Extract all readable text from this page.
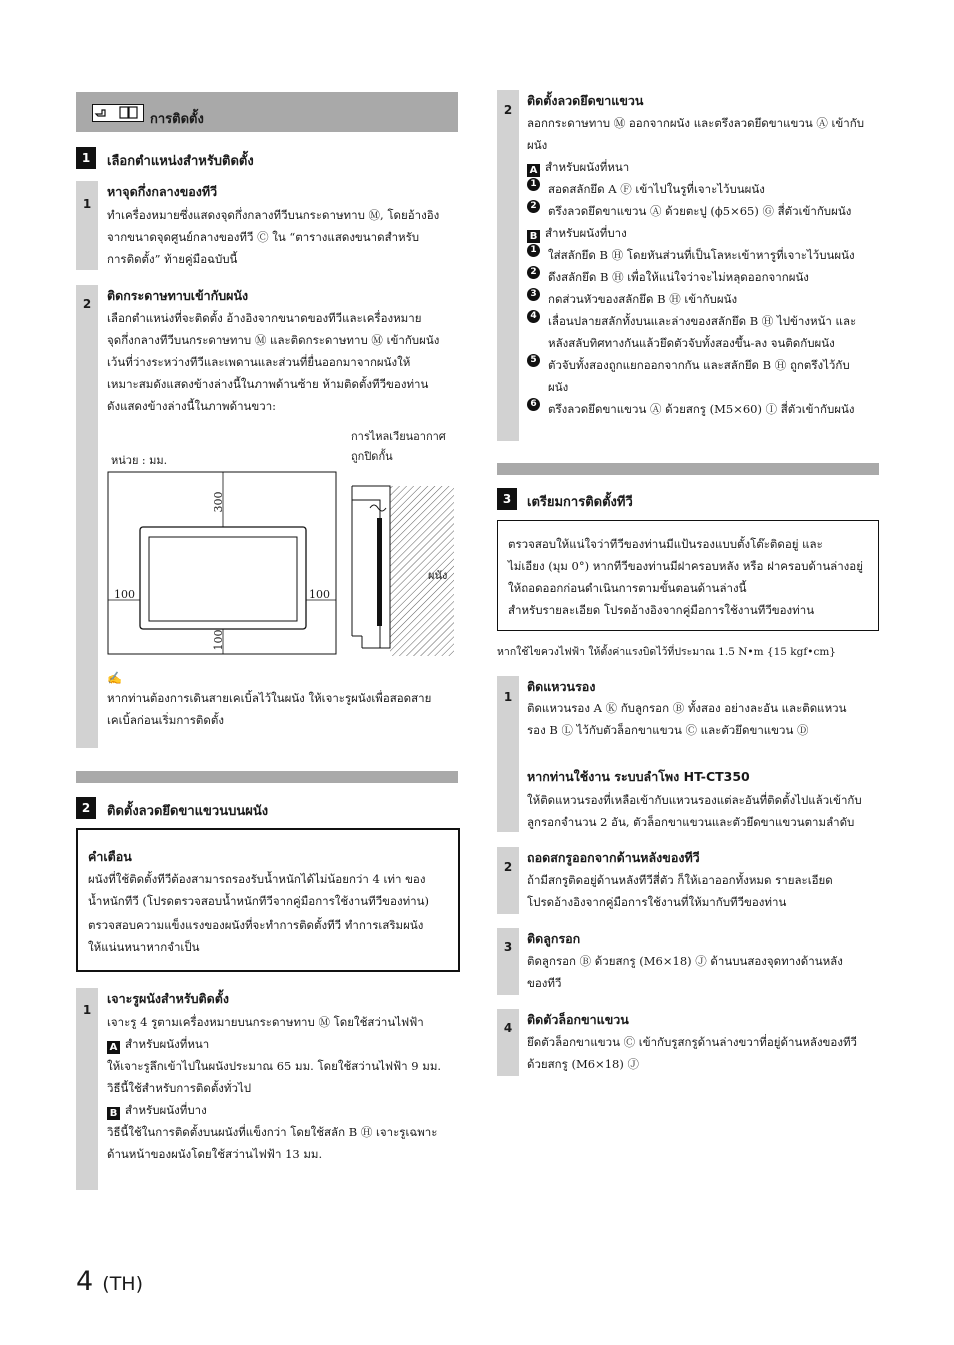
การติดตั้ง
1	เลือกตำแหน่งสำหรับติดตั้ง
1
หาจุดกึ่งกลางของทีวี
ทำเครื่องหมายซึ่งแสดงจุดกึ่งกลางทีวีบนกระดาษทาบ Ⓜ, โดยอ้างอิง
จากขนาดจุดศูนย์กลางของทีวี Ⓒ ใน “ตารางแสดงขนาดสำหรับ
การติดตั้ง” ท้ายคู่มือฉบับนี้
2
ติดกระดาษทาบเข้ากับผนัง
เลือกตำแหน่งที่จะติดตั้ง อ้างอิงจากขนาดของทีวีและเครื่องหมาย
จุดกึ่งกลางทีวีบนกระดาษทาบ Ⓜ และติดกระดาษทาบ Ⓜ เข้ากับผนัง
เว้นที่ว่างระหว่างทีวีและเพดานและส่วนที่ยื่นออกมาจากผนังให้
เหมาะสมดังแสดงข้างล่างนี้ในภาพด้านซ้าย ห้ามติดตั้งทีวีของท่าน
ดังแสดงข้างล่างนี้ในภาพด้านขวา:
หน่วย : มม.
การไหลเวียนอากาศ
ถูกปิดกั้น
300
100	100
100
ผนัง
✍
หากท่านต้องการเดินสายเคเบิ้ลไว้ในผนัง ให้เจาะรูผนังเพื่อสอดสาย
เคเบิ้ลก่อนเริ่มการติดตั้ง
2	ติดตั้งลวดยึดขาแขวนบนผนัง
คำเตือน
ผนังที่ใช้ติดตั้งทีวีต้องสามารถรองรับน้ำหนักได้ไม่น้อยกว่า 4 เท่า ของ
น้ำหนักทีวี (โปรดตรวจสอบน้ำหนักทีวีจากคู่มือการใช้งานทีวีของท่าน)
ตรวจสอบความแข็งแรงของผนังที่จะทำการติดตั้งทีวี ทำการเสริมผนัง
ให้แน่นหนาหากจำเป็น
1
เจาะรูผนังสำหรับติดตั้ง
เจาะรู 4 รูตามเครื่องหมายบนกระดาษทาบ Ⓜ โดยใช้สว่านไฟฟ้า
A สำหรับผนังที่หนา
ให้เจาะรูลึกเข้าไปในผนังประมาณ 65 มม. โดยใช้สว่านไฟฟ้า 9 มม.
วิธีนี้ใช้สำหรับการติดตั้งทั่วไป
B สำหรับผนังที่บาง
วิธีนี้ใช้ในการติดตั้งบนผนังที่แข็งกว่า โดยใช้สลัก B Ⓗ เจาะรูเฉพาะ
ด้านหน้าของผนังโดยใช้สว่านไฟฟ้า 13 มม.
2
ติดตั้งลวดยึดขาแขวน
ลอกกระดาษทาบ Ⓜ ออกจากผนัง และตรึงลวดยึดขาแขวน Ⓐ เข้ากับ
ผนัง
A สำหรับผนังที่หนา
1 สอดสลักยึด A Ⓕ เข้าไปในรูที่เจาะไว้บนผนัง
2 ตรึงลวดยึดขาแขวน Ⓐ ด้วยตะปู (ϕ5×65) Ⓖ สี่ตัวเข้ากับผนัง
B สำหรับผนังที่บาง
1 ใส่สลักยึด B Ⓗ โดยหันส่วนที่เป็นโลหะเข้าหารูที่เจาะไว้บนผนัง
2 ดึงสลักยึด B Ⓗ เพื่อให้แน่ใจว่าจะไม่หลุดออกจากผนัง
3 กดส่วนหัวของสลักยึด B Ⓗ เข้ากับผนัง
4 เลื่อนปลายสลักทั้งบนและล่างของสลักยึด B Ⓗ ไปข้างหน้า และ
หลังสลับทิศทางกันแล้วยึดตัวจับทั้งสองขึ้น-ลง จนติดกับผนัง
5 ตัวจับทั้งสองถูกแยกออกจากกัน และสลักยึด B Ⓗ ถูกตรึงไว้กับ
ผนัง
6 ตรึงลวดยึดขาแขวน Ⓐ ด้วยสกรู (M5×60) Ⓘ สี่ตัวเข้ากับผนัง
3	เตรียมการติดตั้งทีวี
ตรวจสอบให้แน่ใจว่าทีวีของท่านมีแป้นรองแบบตั้งโต๊ะติดอยู่ และ
ไม่เอียง (มุม 0°) หากทีวีของท่านมีฝาครอบหลัง หรือ ฝาครอบด้านล่างอยู่
ให้ถอดออกก่อนดำเนินการตามขั้นตอนด้านล่างนี้
สำหรับรายละเอียด โปรดอ้างอิงจากคู่มือการใช้งานทีวีของท่าน
หากใช้ไขควงไฟฟ้า ให้ตั้งค่าแรงบิดไว้ที่ประมาณ 1.5 N•m {15 kgf•cm}
1
ติดแหวนรอง
ติดแหวนรอง A Ⓚ กับลูกรอก Ⓑ ทั้งสอง อย่างละอัน และติดแหวน
รอง B Ⓛ ไว้กับตัวล็อกขาแขวน Ⓒ และตัวยึดขาแขวน Ⓓ
หากท่านใช้งาน ระบบลำโพง HT-CT350
ให้ติดแหวนรองที่เหลือเข้ากับแหวนรองแต่ละอันที่ติดตั้งไปแล้วเข้ากับ
ลูกรอกจำนวน 2 อัน, ตัวล็อกขาแขวนและตัวยึดขาแขวนตามลำดับ
2
ถอดสกรูออกจากด้านหลังของทีวี
ถ้ามีสกรูติดอยู่ด้านหลังทีวีสี่ตัว ก็ให้เอาออกทั้งหมด รายละเอียด
โปรดอ้างอิงจากคู่มือการใช้งานที่ให้มากับทีวีของท่าน
3
ติดลูกรอก
ติดลูกรอก Ⓑ ด้วยสกรู (M6×18) Ⓙ ด้านบนสองจุดทางด้านหลัง
ของทีวี
4
ติดตัวล็อกขาแขวน
ยึดตัวล็อกขาแขวน Ⓒ เข้ากับรูสกรูด้านล่างขวาที่อยู่ด้านหลังของทีวี
ด้วยสกรู (M6×18) Ⓙ
4 (TH)
